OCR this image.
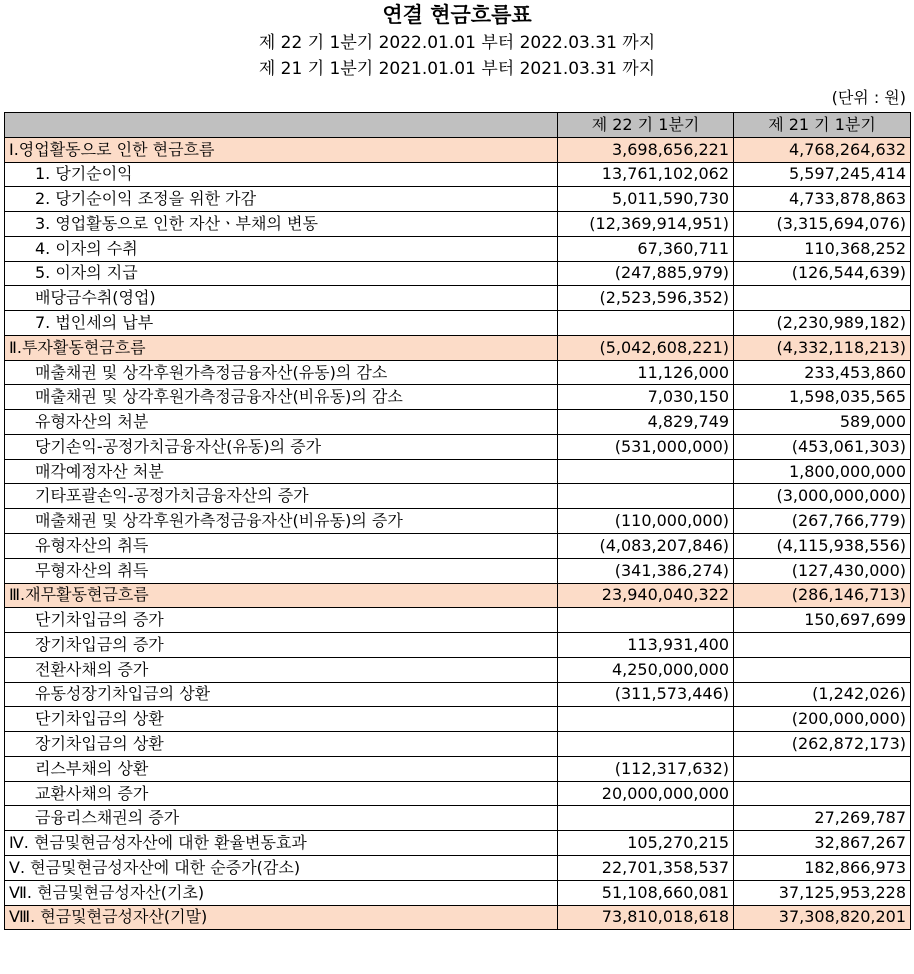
연결 현금흐름표
제 22 기 1분기 2022.01.01 부터 2022.03.31 까지
제 21 기 1분기 2021.01.01 부터 2021.03.31 까지
(단위 : 원)
	제 22 기 1분기	제 21 기 1분기
Ⅰ.영업활동으로 인한 현금흐름	3,698,656,221	4,768,264,632
1. 당기순이익	13,761,102,062	5,597,245,414
2. 당기순이익 조정을 위한 가감	5,011,590,730	4,733,878,863
3. 영업활동으로 인한 자산ㆍ부채의 변동	(12,369,914,951)	(3,315,694,076)
4. 이자의 수취	67,360,711	110,368,252
5. 이자의 지급	(247,885,979)	(126,544,639)
배당금수취(영업)	(2,523,596,352)	
7. 법인세의 납부		(2,230,989,182)
Ⅱ.투자활동현금흐름	(5,042,608,221)	(4,332,118,213)
매출채권 및 상각후원가측정금융자산(유동)의 감소	11,126,000	233,453,860
매출채권 및 상각후원가측정금융자산(비유동)의 감소	7,030,150	1,598,035,565
유형자산의 처분	4,829,749	589,000
당기손익-공정가치금융자산(유동)의 증가	(531,000,000)	(453,061,303)
매각예정자산 처분		1,800,000,000
기타포괄손익-공정가치금융자산의 증가		(3,000,000,000)
매출채권 및 상각후원가측정금융자산(비유동)의 증가	(110,000,000)	(267,766,779)
유형자산의 취득	(4,083,207,846)	(4,115,938,556)
무형자산의 취득	(341,386,274)	(127,430,000)
Ⅲ.재무활동현금흐름	23,940,040,322	(286,146,713)
단기차입금의 증가		150,697,699
장기차입금의 증가	113,931,400	
전환사채의 증가	4,250,000,000	
유동성장기차입금의 상환	(311,573,446)	(1,242,026)
단기차입금의 상환		(200,000,000)
장기차입금의 상환		(262,872,173)
리스부채의 상환	(112,317,632)	
교환사채의 증가	20,000,000,000	
금융리스채권의 증가		27,269,787
Ⅳ. 현금및현금성자산에 대한 환율변동효과	105,270,215	32,867,267
Ⅴ. 현금및현금성자산에 대한 순증가(감소)	22,701,358,537	182,866,973
Ⅶ. 현금및현금성자산(기초)	51,108,660,081	37,125,953,228
Ⅷ. 현금및현금성자산(기말)	73,810,018,618	37,308,820,201
